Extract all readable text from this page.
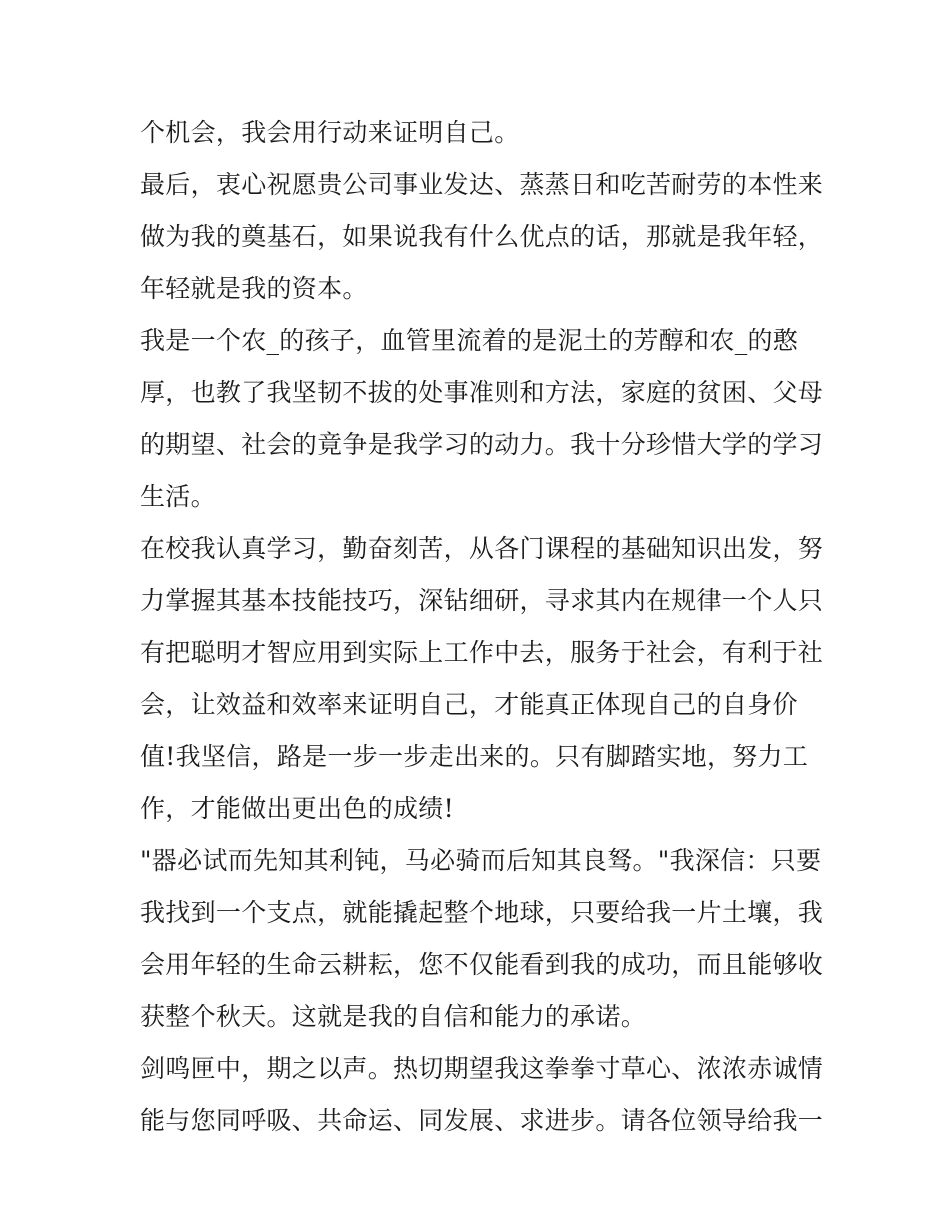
个机会，我会用行动来证明自己。
最后，衷心祝愿贵公司事业发达、蒸蒸日和吃苦耐劳的本性来
做为我的奠基石，如果说我有什么优点的话，那就是我年轻，
年轻就是我的资本。
我是一个农_的孩子，血管里流着的是泥土的芳醇和农_的憨
厚，也教了我坚韧不拔的处事准则和方法，家庭的贫困、父母
的期望、社会的竟争是我学习的动力。我十分珍惜大学的学习
生活。
在校我认真学习，勤奋刻苦，从各门课程的基础知识出发，努
力掌握其基本技能技巧，深钻细研，寻求其内在规律一个人只
有把聪明才智应用到实际上工作中去，服务于社会，有利于社
会，让效益和效率来证明自己，才能真正体现自己的自身价
值!我坚信，路是一步一步走出来的。只有脚踏实地，努力工
作，才能做出更出色的成绩!
"器必试而先知其利钝，马必骑而后知其良驽。"我深信：只要
我找到一个支点，就能撬起整个地球，只要给我一片土壤，我
会用年轻的生命云耕耘，您不仅能看到我的成功，而且能够收
获整个秋天。这就是我的自信和能力的承诺。
剑鸣匣中，期之以声。热切期望我这拳拳寸草心、浓浓赤诚情
能与您同呼吸、共命运、同发展、求进步。请各位领导给我一
